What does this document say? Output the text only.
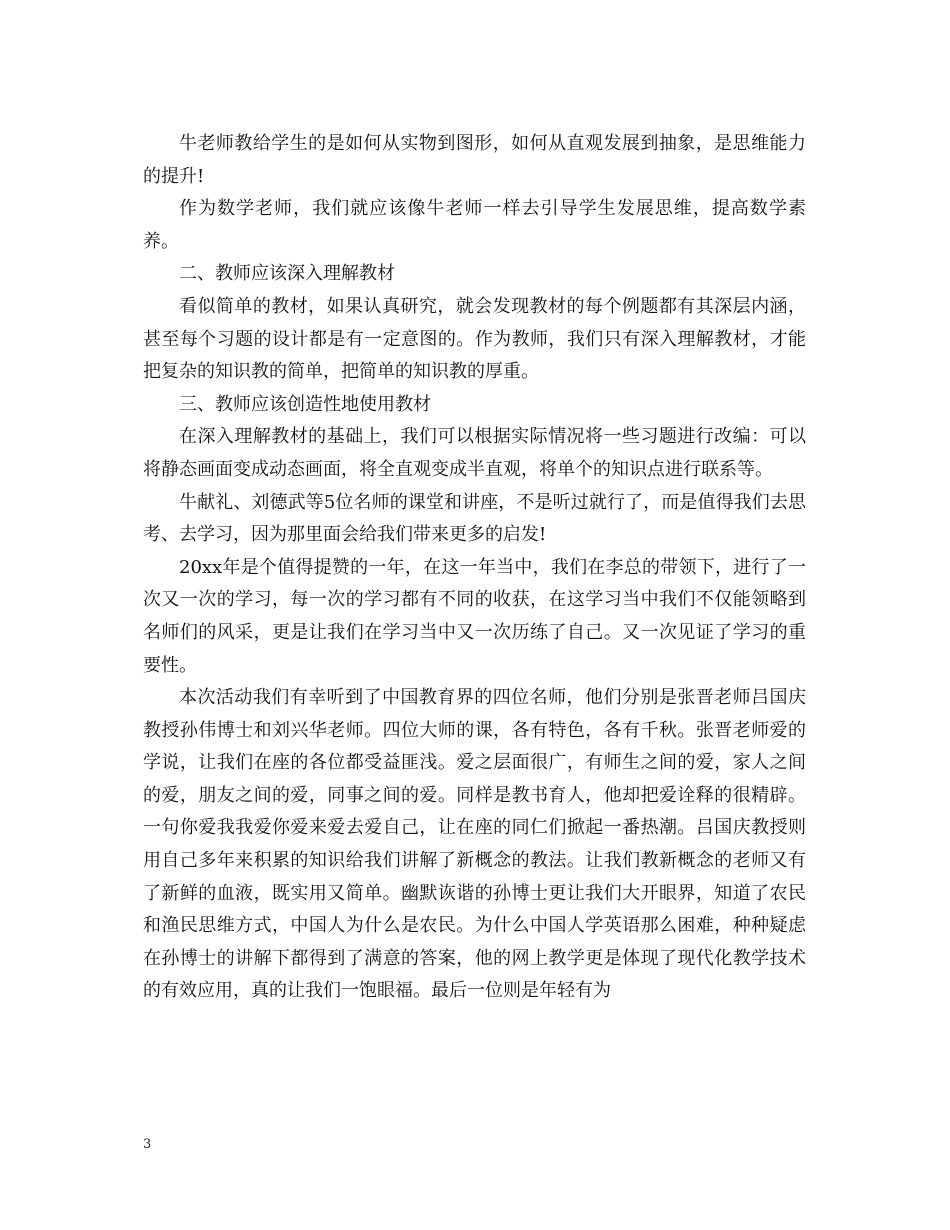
牛老师教给学生的是如何从实物到图形，如何从直观发展到抽象，是思维能力的提升!

作为数学老师，我们就应该像牛老师一样去引导学生发展思维，提高数学素养。

二、教师应该深入理解教材

看似简单的教材，如果认真研究，就会发现教材的每个例题都有其深层内涵，甚至每个习题的设计都是有一定意图的。作为教师，我们只有深入理解教材，才能把复杂的知识教的简单，把简单的知识教的厚重。

三、教师应该创造性地使用教材

在深入理解教材的基础上，我们可以根据实际情况将一些习题进行改编：可以将静态画面变成动态画面，将全直观变成半直观，将单个的知识点进行联系等。

牛献礼、刘德武等5位名师的课堂和讲座，不是听过就行了，而是值得我们去思考、去学习，因为那里面会给我们带来更多的启发!

20xx年是个值得提赞的一年，在这一年当中，我们在李总的带领下，进行了一次又一次的学习，每一次的学习都有不同的收获，在这学习当中我们不仅能领略到名师们的风采，更是让我们在学习当中又一次历练了自己。又一次见证了学习的重要性。

本次活动我们有幸听到了中国教育界的四位名师，他们分别是张晋老师吕国庆教授孙伟博士和刘兴华老师。四位大师的课，各有特色，各有千秋。张晋老师爱的学说，让我们在座的各位都受益匪浅。爱之层面很广，有师生之间的爱，家人之间的爱，朋友之间的爱，同事之间的爱。同样是教书育人，他却把爱诠释的很精辟。一句你爱我我爱你爱来爱去爱自己，让在座的同仁们掀起一番热潮。吕国庆教授则用自己多年来积累的知识给我们讲解了新概念的教法。让我们教新概念的老师又有了新鲜的血液，既实用又简单。幽默诙谐的孙博士更让我们大开眼界，知道了农民和渔民思维方式，中国人为什么是农民。为什么中国人学英语那么困难，种种疑虑在孙博士的讲解下都得到了满意的答案，他的网上教学更是体现了现代化教学技术的有效应用，真的让我们一饱眼福。最后一位则是年轻有为

3
